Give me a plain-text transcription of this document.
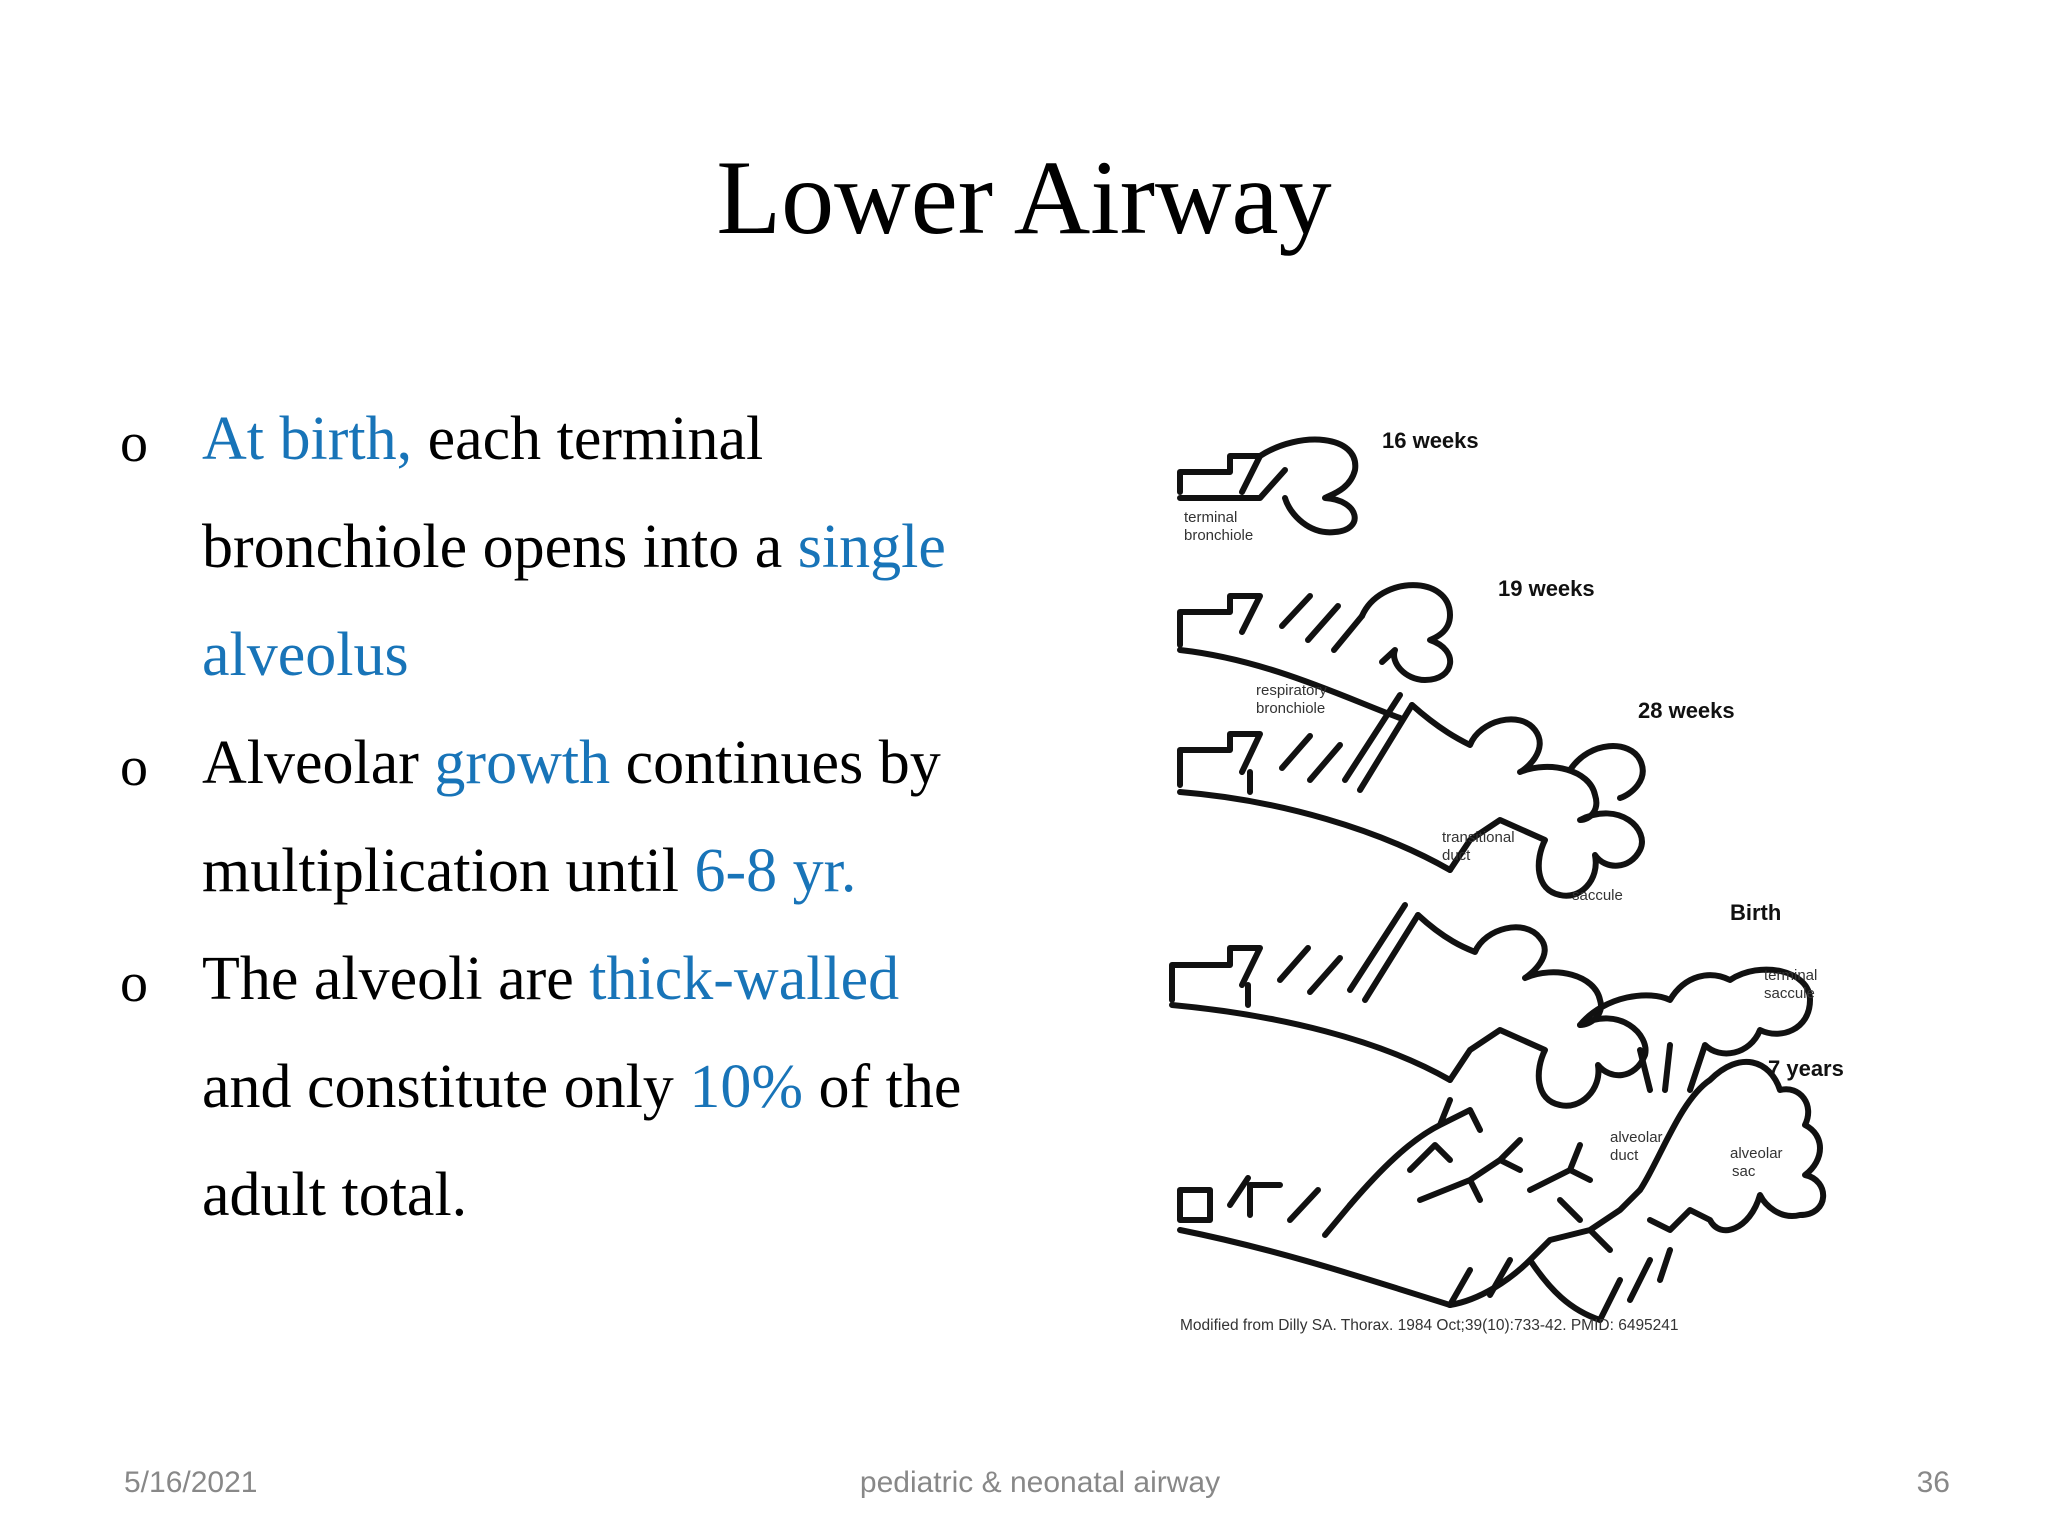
Lower Airway
o At birth, each terminal bronchiole opens into a single alveolus
o Alveolar growth continues by multiplication until 6-8 yr.
o The alveoli are thick-walled and constitute only 10% of the adult total.
16 weeks
19 weeks
28 weeks
Birth
7 years
terminal
bronchiole
respiratory
bronchiole
transitional
duct
saccule
terminal
saccule
alveolar
duct	alveolar
sac
Modified from Dilly SA. Thorax. 1984 Oct;39(10):733-42. PMID: 6495241
5/16/2021	pediatric & neonatal airway	36
